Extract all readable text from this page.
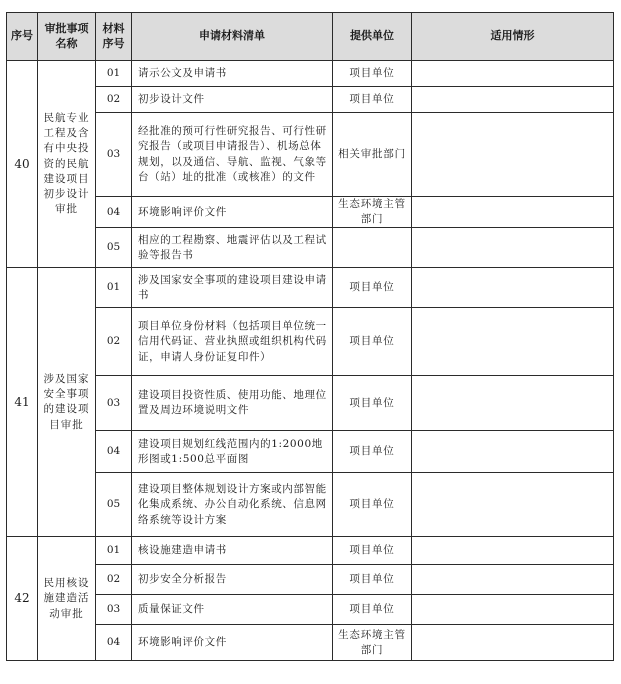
序号	审批事项名称	材料序号	申请材料清单	提供单位	适用情形
40	民航专业工程及含有中央投资的民航建设项目初步设计审批	01	请示公文及申请书	项目单位	
		02	初步设计文件	项目单位	
		03	经批准的预可行性研究报告、可行性研究报告（或项目申请报告）、机场总体规划，以及通信、导航、监视、气象等台（站）址的批准（或核准）的文件	相关审批部门	
		04	环境影响评价文件	生态环境主管部门	
		05	相应的工程勘察、地震评估以及工程试验等报告书		
41	涉及国家安全事项的建设项目审批	01	涉及国家安全事项的建设项目建设申请书	项目单位	
		02	项目单位身份材料（包括项目单位统一信用代码证、营业执照或组织机构代码证，申请人身份证复印件）	项目单位	
		03	建设项目投资性质、使用功能、地理位置及周边环境说明文件	项目单位	
		04	建设项目规划红线范围内的1:2000地形图或1:500总平面图	项目单位	
		05	建设项目整体规划设计方案或内部智能化集成系统、办公自动化系统、信息网络系统等设计方案	项目单位	
42	民用核设施建造活动审批	01	核设施建造申请书	项目单位	
		02	初步安全分析报告	项目单位	
		03	质量保证文件	项目单位	
		04	环境影响评价文件	生态环境主管部门	
